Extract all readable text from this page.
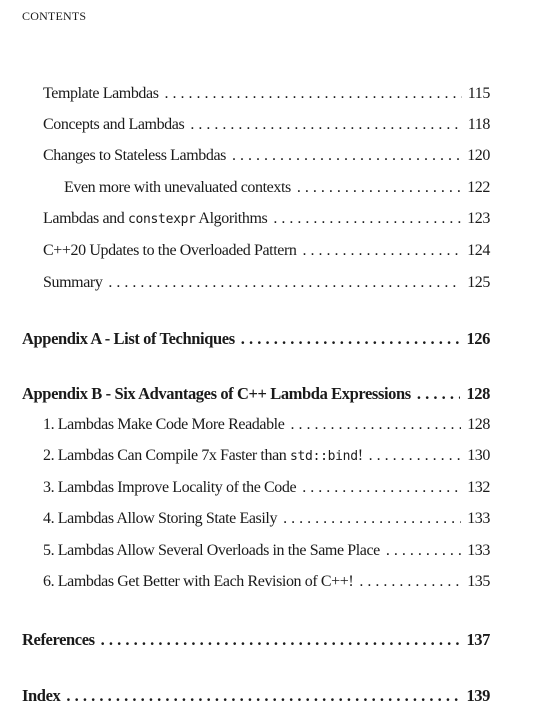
CONTENTS
Template Lambdas . . .	115
Concepts and Lambdas . . .	118
Changes to Stateless Lambdas . . .	120
Even more with unevaluated contexts . . .	122
Lambdas and constexpr Algorithms . . .	123
C++20 Updates to the Overloaded Pattern . . .	124
Summary . . .	125
Appendix A - List of Techniques . . .	126
Appendix B - Six Advantages of C++ Lambda Expressions . . .	128
1. Lambdas Make Code More Readable . . .	128
2. Lambdas Can Compile 7x Faster than std::bind! . . .	130
3. Lambdas Improve Locality of the Code . . .	132
4. Lambdas Allow Storing State Easily . . .	133
5. Lambdas Allow Several Overloads in the Same Place . . .	133
6. Lambdas Get Better with Each Revision of C++! . . .	135
References . . .	137
Index . . .	139
